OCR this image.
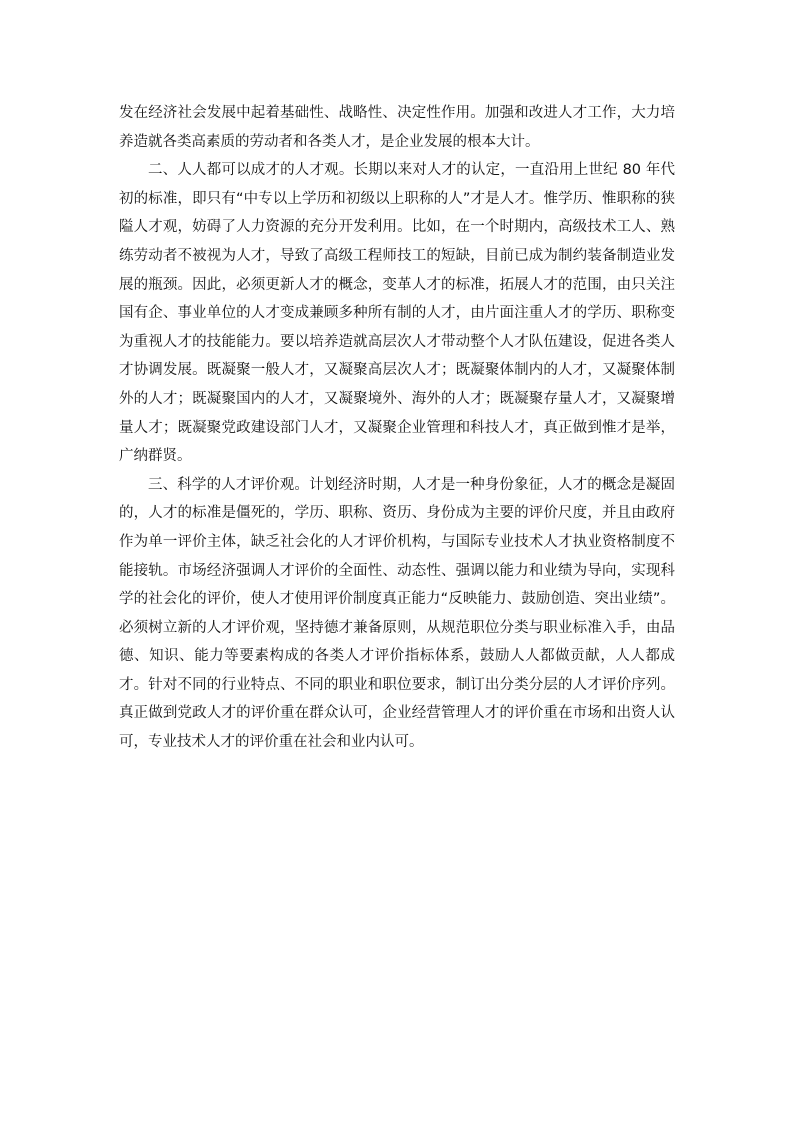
发在经济社会发展中起着基础性、战略性、决定性作用。加强和改进人才工作，大力培养造就各类高素质的劳动者和各类人才，是企业发展的根本大计。

二、人人都可以成才的人才观。长期以来对人才的认定，一直沿用上世纪 80 年代初的标准，即只有“中专以上学历和初级以上职称的人”才是人才。惟学历、惟职称的狭隘人才观，妨碍了人力资源的充分开发利用。比如，在一个时期内，高级技术工人、熟练劳动者不被视为人才，导致了高级工程师技工的短缺，目前已成为制约装备制造业发展的瓶颈。因此，必须更新人才的概念，变革人才的标准，拓展人才的范围，由只关注国有企、事业单位的人才变成兼顾多种所有制的人才，由片面注重人才的学历、职称变为重视人才的技能能力。要以培养造就高层次人才带动整个人才队伍建设，促进各类人才协调发展。既凝聚一般人才，又凝聚高层次人才；既凝聚体制内的人才，又凝聚体制外的人才；既凝聚国内的人才，又凝聚境外、海外的人才；既凝聚存量人才，又凝聚增量人才；既凝聚党政建设部门人才，又凝聚企业管理和科技人才，真正做到惟才是举，广纳群贤。

三、科学的人才评价观。计划经济时期，人才是一种身份象征，人才的概念是凝固的，人才的标准是僵死的，学历、职称、资历、身份成为主要的评价尺度，并且由政府作为单一评价主体，缺乏社会化的人才评价机构，与国际专业技术人才执业资格制度不能接轨。市场经济强调人才评价的全面性、动态性、强调以能力和业绩为导向，实现科学的社会化的评价，使人才使用评价制度真正能力“反映能力、鼓励创造、突出业绩”。必须树立新的人才评价观，坚持德才兼备原则，从规范职位分类与职业标准入手，由品德、知识、能力等要素构成的各类人才评价指标体系，鼓励人人都做贡献，人人都成才。针对不同的行业特点、不同的职业和职位要求，制订出分类分层的人才评价序列。真正做到党政人才的评价重在群众认可，企业经营管理人才的评价重在市场和出资人认可，专业技术人才的评价重在社会和业内认可。
